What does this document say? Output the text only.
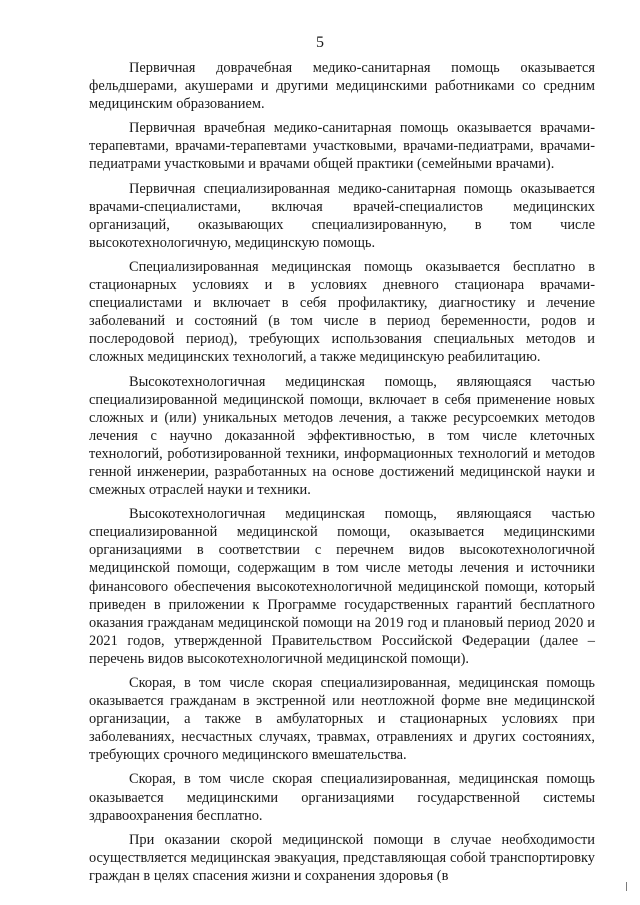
5

Первичная доврачебная медико-санитарная помощь оказывается фельдшерами, акушерами и другими медицинскими работниками со средним медицинским образованием.

Первичная врачебная медико-санитарная помощь оказывается врачами-терапевтами, врачами-терапевтами участковыми, врачами-педиатрами, врачами-педиатрами участковыми и врачами общей практики (семейными врачами).

Первичная специализированная медико-санитарная помощь оказывается врачами-специалистами, включая врачей-специалистов медицинских организаций, оказывающих специализированную, в том числе высокотехнологичную, медицинскую помощь.

Специализированная медицинская помощь оказывается бесплатно в стационарных условиях и в условиях дневного стационара врачами-специалистами и включает в себя профилактику, диагностику и лечение заболеваний и состояний (в том числе в период беременности, родов и послеродовой период), требующих использования специальных методов и сложных медицинских технологий, а также медицинскую реабилитацию.

Высокотехнологичная медицинская помощь, являющаяся частью специализированной медицинской помощи, включает в себя применение новых сложных и (или) уникальных методов лечения, а также ресурсоемких методов лечения с научно доказанной эффективностью, в том числе клеточных технологий, роботизированной техники, информационных технологий и методов генной инженерии, разработанных на основе достижений медицинской науки и смежных отраслей науки и техники.

Высокотехнологичная медицинская помощь, являющаяся частью специализированной медицинской помощи, оказывается медицинскими организациями в соответствии с перечнем видов высокотехнологичной медицинской помощи, содержащим в том числе методы лечения и источники финансового обеспечения высокотехнологичной медицинской помощи, который приведен в приложении к Программе государственных гарантий бесплатного оказания гражданам медицинской помощи на 2019 год и плановый период 2020 и 2021 годов, утвержденной Правительством Российской Федерации (далее – перечень видов высокотехнологичной медицинской помощи).

Скорая, в том числе скорая специализированная, медицинская помощь оказывается гражданам в экстренной или неотложной форме вне медицинской организации, а также в амбулаторных и стационарных условиях при заболеваниях, несчастных случаях, травмах, отравлениях и других состояниях, требующих срочного медицинского вмешательства.

Скорая, в том числе скорая специализированная, медицинская помощь оказывается медицинскими организациями государственной системы здравоохранения бесплатно.

При оказании скорой медицинской помощи в случае необходимости осуществляется медицинская эвакуация, представляющая собой транспортировку граждан в целях спасения жизни и сохранения здоровья (в
